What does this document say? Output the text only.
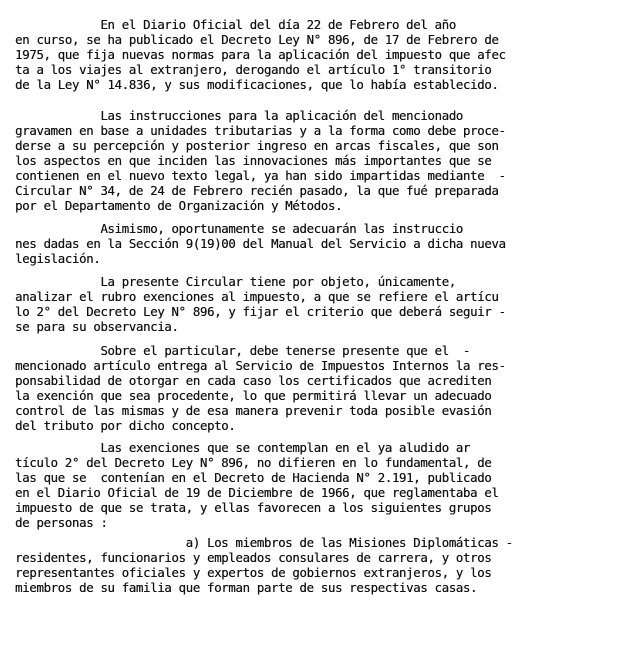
En el Diario Oficial del día 22 de Febrero del año
en curso, se ha publicado el Decreto Ley N° 896, de 17 de Febrero de
1975, que fija nuevas normas para la aplicación del impuesto que afec
ta a los viajes al extranjero, derogando el artículo 1° transitorio
de la Ley N° 14.836, y sus modificaciones, que lo había establecido.
Las instrucciones para la aplicación del mencionado
gravamen en base a unidades tributarias y a la forma como debe proce-
derse a su percepción y posterior ingreso en arcas fiscales, que son
los aspectos en que inciden las innovaciones más importantes que se
contienen en el nuevo texto legal, ya han sido impartidas mediante  -
Circular N° 34, de 24 de Febrero recién pasado, la que fué preparada
por el Departamento de Organización y Métodos.
Asimismo, oportunamente se adecuarán las instruccio
nes dadas en la Sección 9(19)00 del Manual del Servicio a dicha nueva
legislación.
La presente Circular tiene por objeto, únicamente,
analizar el rubro exenciones al impuesto, a que se refiere el artícu
lo 2° del Decreto Ley N° 896, y fijar el criterio que deberá seguir -
se para su observancia.
Sobre el particular, debe tenerse presente que el  -
mencionado artículo entrega al Servicio de Impuestos Internos la res-
ponsabilidad de otorgar en cada caso los certificados que acrediten
la exención que sea procedente, lo que permitirá llevar un adecuado
control de las mismas y de esa manera prevenir toda posible evasión
del tributo por dicho concepto.
Las exenciones que se contemplan en el ya aludido ar
tículo 2° del Decreto Ley N° 896, no difieren en lo fundamental, de
las que se  contenían en el Decreto de Hacienda N° 2.191, publicado
en el Diario Oficial de 19 de Diciembre de 1966, que reglamentaba el
impuesto de que se trata, y ellas favorecen a los siguientes grupos
de personas :
a) Los miembros de las Misiones Diplomáticas -
residentes, funcionarios y empleados consulares de carrera, y otros
representantes oficiales y expertos de gobiernos extranjeros, y los
miembros de su familia que forman parte de sus respectivas casas.
